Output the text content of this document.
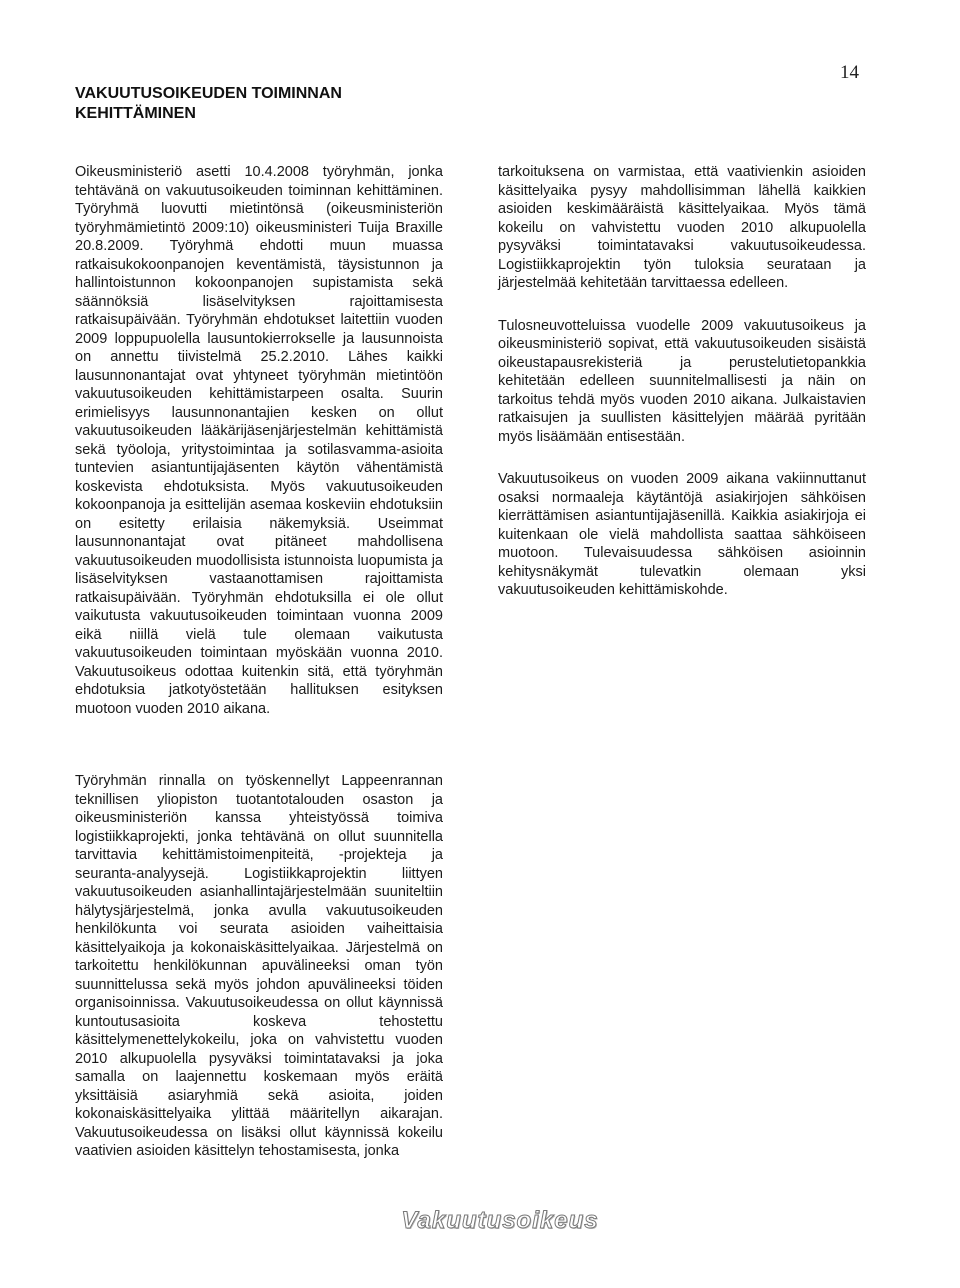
14
VAKUUTUSOIKEUDEN TOIMINNAN KEHITTÄMINEN

Oikeusministeriö asetti 10.4.2008 työryhmän, jonka tehtävänä on vakuutusoikeuden toiminnan kehittäminen. Työryhmä luovutti mietintönsä (oikeusministeriön työryhmämietintö 2009:10) oikeusministeri Tuija Braxille 20.8.2009. Työryhmä ehdotti muun muassa ratkaisukokoonpanojen keventämistä, täysistunnon ja hallintoistunnon kokoonpanojen supistamista sekä säännöksiä lisäselvityksen rajoittamisesta ratkaisupäivään. Työryhmän ehdotukset laitettiin vuoden 2009 loppupuolella lausuntokierrokselle ja lausunnoista on annettu tiivistelmä 25.2.2010. Lähes kaikki lausunnonantajat ovat yhtyneet työryhmän mietintöön vakuutusoikeuden kehittämistarpeen osalta. Suurin erimielisyys lausunnonantajien kesken on ollut vakuutusoikeuden lääkärijäsenjärjestelmän kehittämistä sekä työoloja, yritystoimintaa ja sotilasvamma-asioita tuntevien asiantuntijajäsenten käytön vähentämistä koskevista ehdotuksista. Myös vakuutusoikeuden kokoonpanoja ja esittelijän asemaa koskeviin ehdotuksiin on esitetty erilaisia näkemyksiä. Useimmat lausunnonantajat ovat pitäneet mahdollisena vakuutusoikeuden muodollisista istunnoista luopumista ja lisäselvityksen vastaanottamisen rajoittamista ratkaisupäivään. Työryhmän ehdotuksilla ei ole ollut vaikutusta vakuutusoikeuden toimintaan vuonna 2009 eikä niillä vielä tule olemaan vaikutusta vakuutusoikeuden toimintaan myöskään vuonna 2010. Vakuutusoikeus odottaa kuitenkin sitä, että työryhmän ehdotuksia jatkotyöstetään hallituksen esityksen muotoon vuoden 2010 aikana.

Työryhmän rinnalla on työskennellyt Lappeenrannan teknillisen yliopiston tuotantotalouden osaston ja oikeusministeriön kanssa yhteistyössä toimiva logistiikkaprojekti, jonka tehtävänä on ollut suunnitella tarvittavia kehittämistoimenpiteitä, -projekteja ja seuranta-analyysejä. Logistiikkaprojektin liittyen vakuutusoikeuden asianhallintajärjestelmään suuniteltiin hälytysjärjestelmä, jonka avulla vakuutusoikeuden henkilökunta voi seurata asioiden vaiheittaisia käsittelyaikoja ja kokonaiskäsittelyaikaa. Järjestelmä on tarkoitettu henkilökunnan apuvälineeksi oman työn suunnittelussa sekä myös johdon apuvälineeksi töiden organisoinnissa. Vakuutusoikeudessa on ollut käynnissä kuntoutusasioita koskeva tehostettu käsittelymenettelykokeilu, joka on vahvistettu vuoden 2010 alkupuolella pysyväksi toimintatavaksi ja joka samalla on laajennettu koskemaan myös eräitä yksittäisiä asiaryhmiä sekä asioita, joiden kokonaiskäsittelyaika ylittää määritellyn aikarajan. Vakuutusoikeudessa on lisäksi ollut käynnissä kokeilu vaativien asioiden käsittelyn tehostamisesta, jonka

tarkoituksena on varmistaa, että vaativienkin asioiden käsittelyaika pysyy mahdollisimman lähellä kaikkien asioiden keskimääräistä käsittelyaikaa. Myös tämä kokeilu on vahvistettu vuoden 2010 alkupuolella pysyväksi toimintatavaksi vakuutusoikeudessa. Logistiikkaprojektin työn tuloksia seurataan ja järjestelmää kehitetään tarvittaessa edelleen.

Tulosneuvotteluissa vuodelle 2009 vakuutusoikeus ja oikeusministeriö sopivat, että vakuutusoikeuden sisäistä oikeustapausrekisteriä ja perustelutietopankkia kehitetään edelleen suunnitelmallisesti ja näin on tarkoitus tehdä myös vuoden 2010 aikana. Julkaistavien ratkaisujen ja suullisten käsittelyjen määrää pyritään myös lisäämään entisestään.

Vakuutusoikeus on vuoden 2009 aikana vakiinnuttanut osaksi normaaleja käytäntöjä asiakirjojen sähköisen kierrättämisen asiantuntijajäsenillä. Kaikkia asiakirjoja ei kuitenkaan ole vielä mahdollista saattaa sähköiseen muotoon. Tulevaisuudessa sähköisen asioinnin kehitysnäkymät tulevatkin olemaan yksi vakuutusoikeuden kehittämiskohde.

Vakuutusoikeus
